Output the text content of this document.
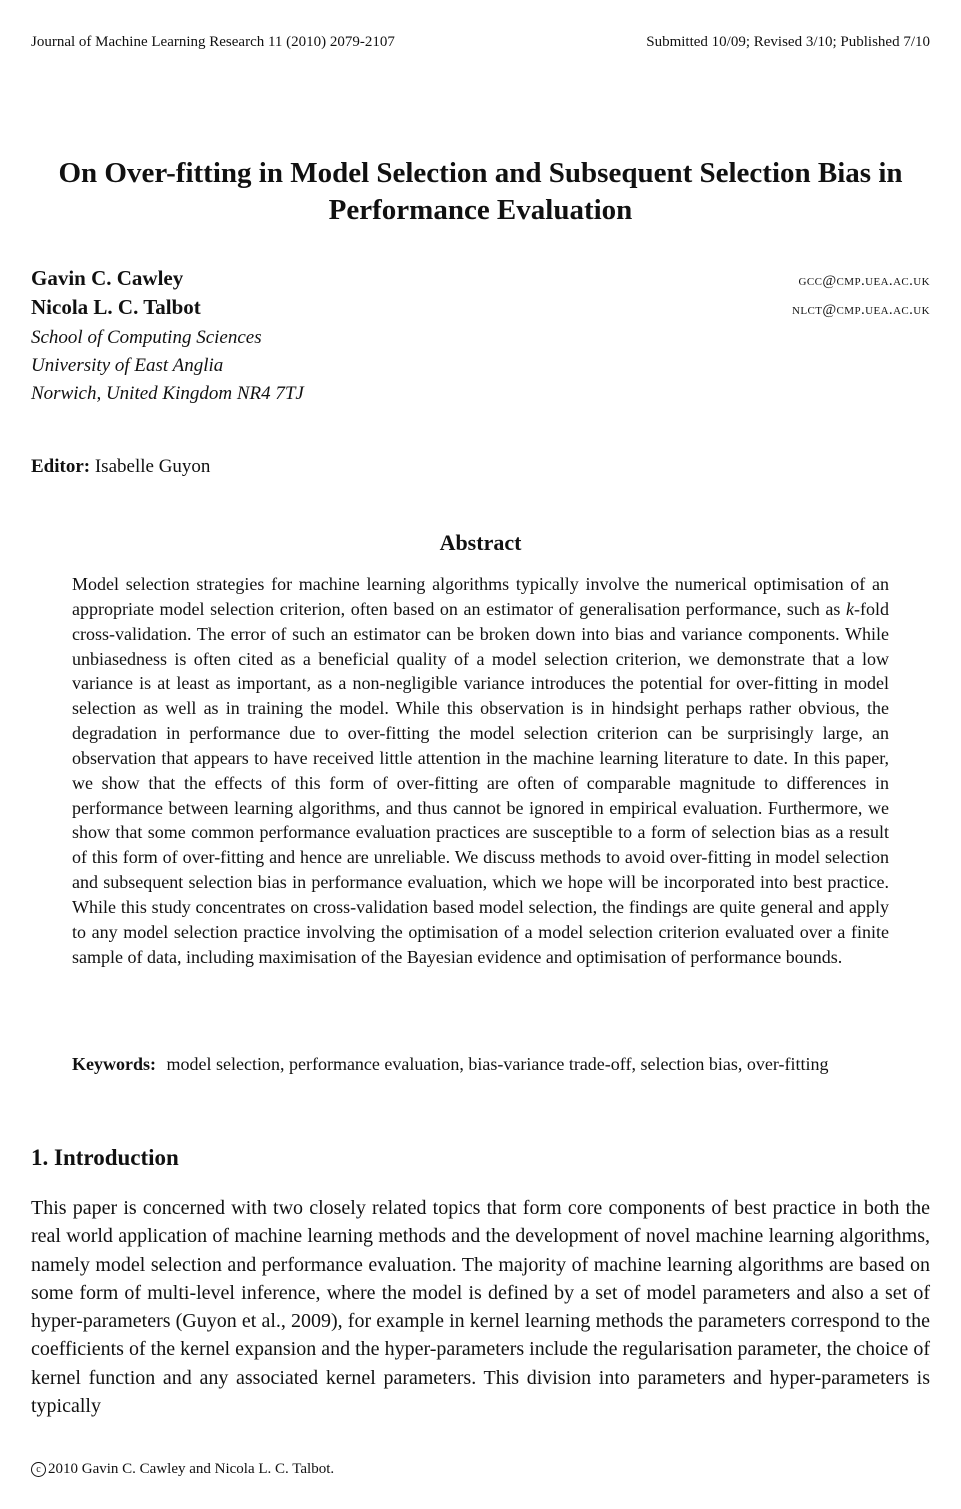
Journal of Machine Learning Research 11 (2010) 2079-2107	Submitted 10/09; Revised 3/10; Published 7/10
On Over-fitting in Model Selection and Subsequent Selection Bias in
Performance Evaluation
Gavin C. Cawley	gcc@cmp.uea.ac.uk
Nicola L. C. Talbot	nlct@cmp.uea.ac.uk
School of Computing Sciences
University of East Anglia
Norwich, United Kingdom NR4 7TJ
Editor: Isabelle Guyon
Abstract
Model selection strategies for machine learning algorithms typically involve the numerical optimisation of an appropriate model selection criterion, often based on an estimator of generalisation performance, such as k-fold cross-validation. The error of such an estimator can be broken down into bias and variance components. While unbiasedness is often cited as a beneficial quality of a model selection criterion, we demonstrate that a low variance is at least as important, as a non-negligible variance introduces the potential for over-fitting in model selection as well as in training the model. While this observation is in hindsight perhaps rather obvious, the degradation in performance due to over-fitting the model selection criterion can be surprisingly large, an observation that appears to have received little attention in the machine learning literature to date. In this paper, we show that the effects of this form of over-fitting are often of comparable magnitude to differences in performance between learning algorithms, and thus cannot be ignored in empirical evaluation. Furthermore, we show that some common performance evaluation practices are susceptible to a form of selection bias as a result of this form of over-fitting and hence are unreliable. We discuss methods to avoid over-fitting in model selection and subsequent selection bias in performance evaluation, which we hope will be incorporated into best practice. While this study concentrates on cross-validation based model selection, the findings are quite general and apply to any model selection practice involving the optimisation of a model selection criterion evaluated over a finite sample of data, including maximisation of the Bayesian evidence and optimisation of performance bounds.
Keywords: model selection, performance evaluation, bias-variance trade-off, selection bias, over-fitting
1. Introduction
This paper is concerned with two closely related topics that form core components of best practice in both the real world application of machine learning methods and the development of novel machine learning algorithms, namely model selection and performance evaluation. The majority of machine learning algorithms are based on some form of multi-level inference, where the model is defined by a set of model parameters and also a set of hyper-parameters (Guyon et al., 2009), for example in kernel learning methods the parameters correspond to the coefficients of the kernel expansion and the hyper-parameters include the regularisation parameter, the choice of kernel function and any associated kernel parameters. This division into parameters and hyper-parameters is typically
c 2010 Gavin C. Cawley and Nicola L. C. Talbot.
